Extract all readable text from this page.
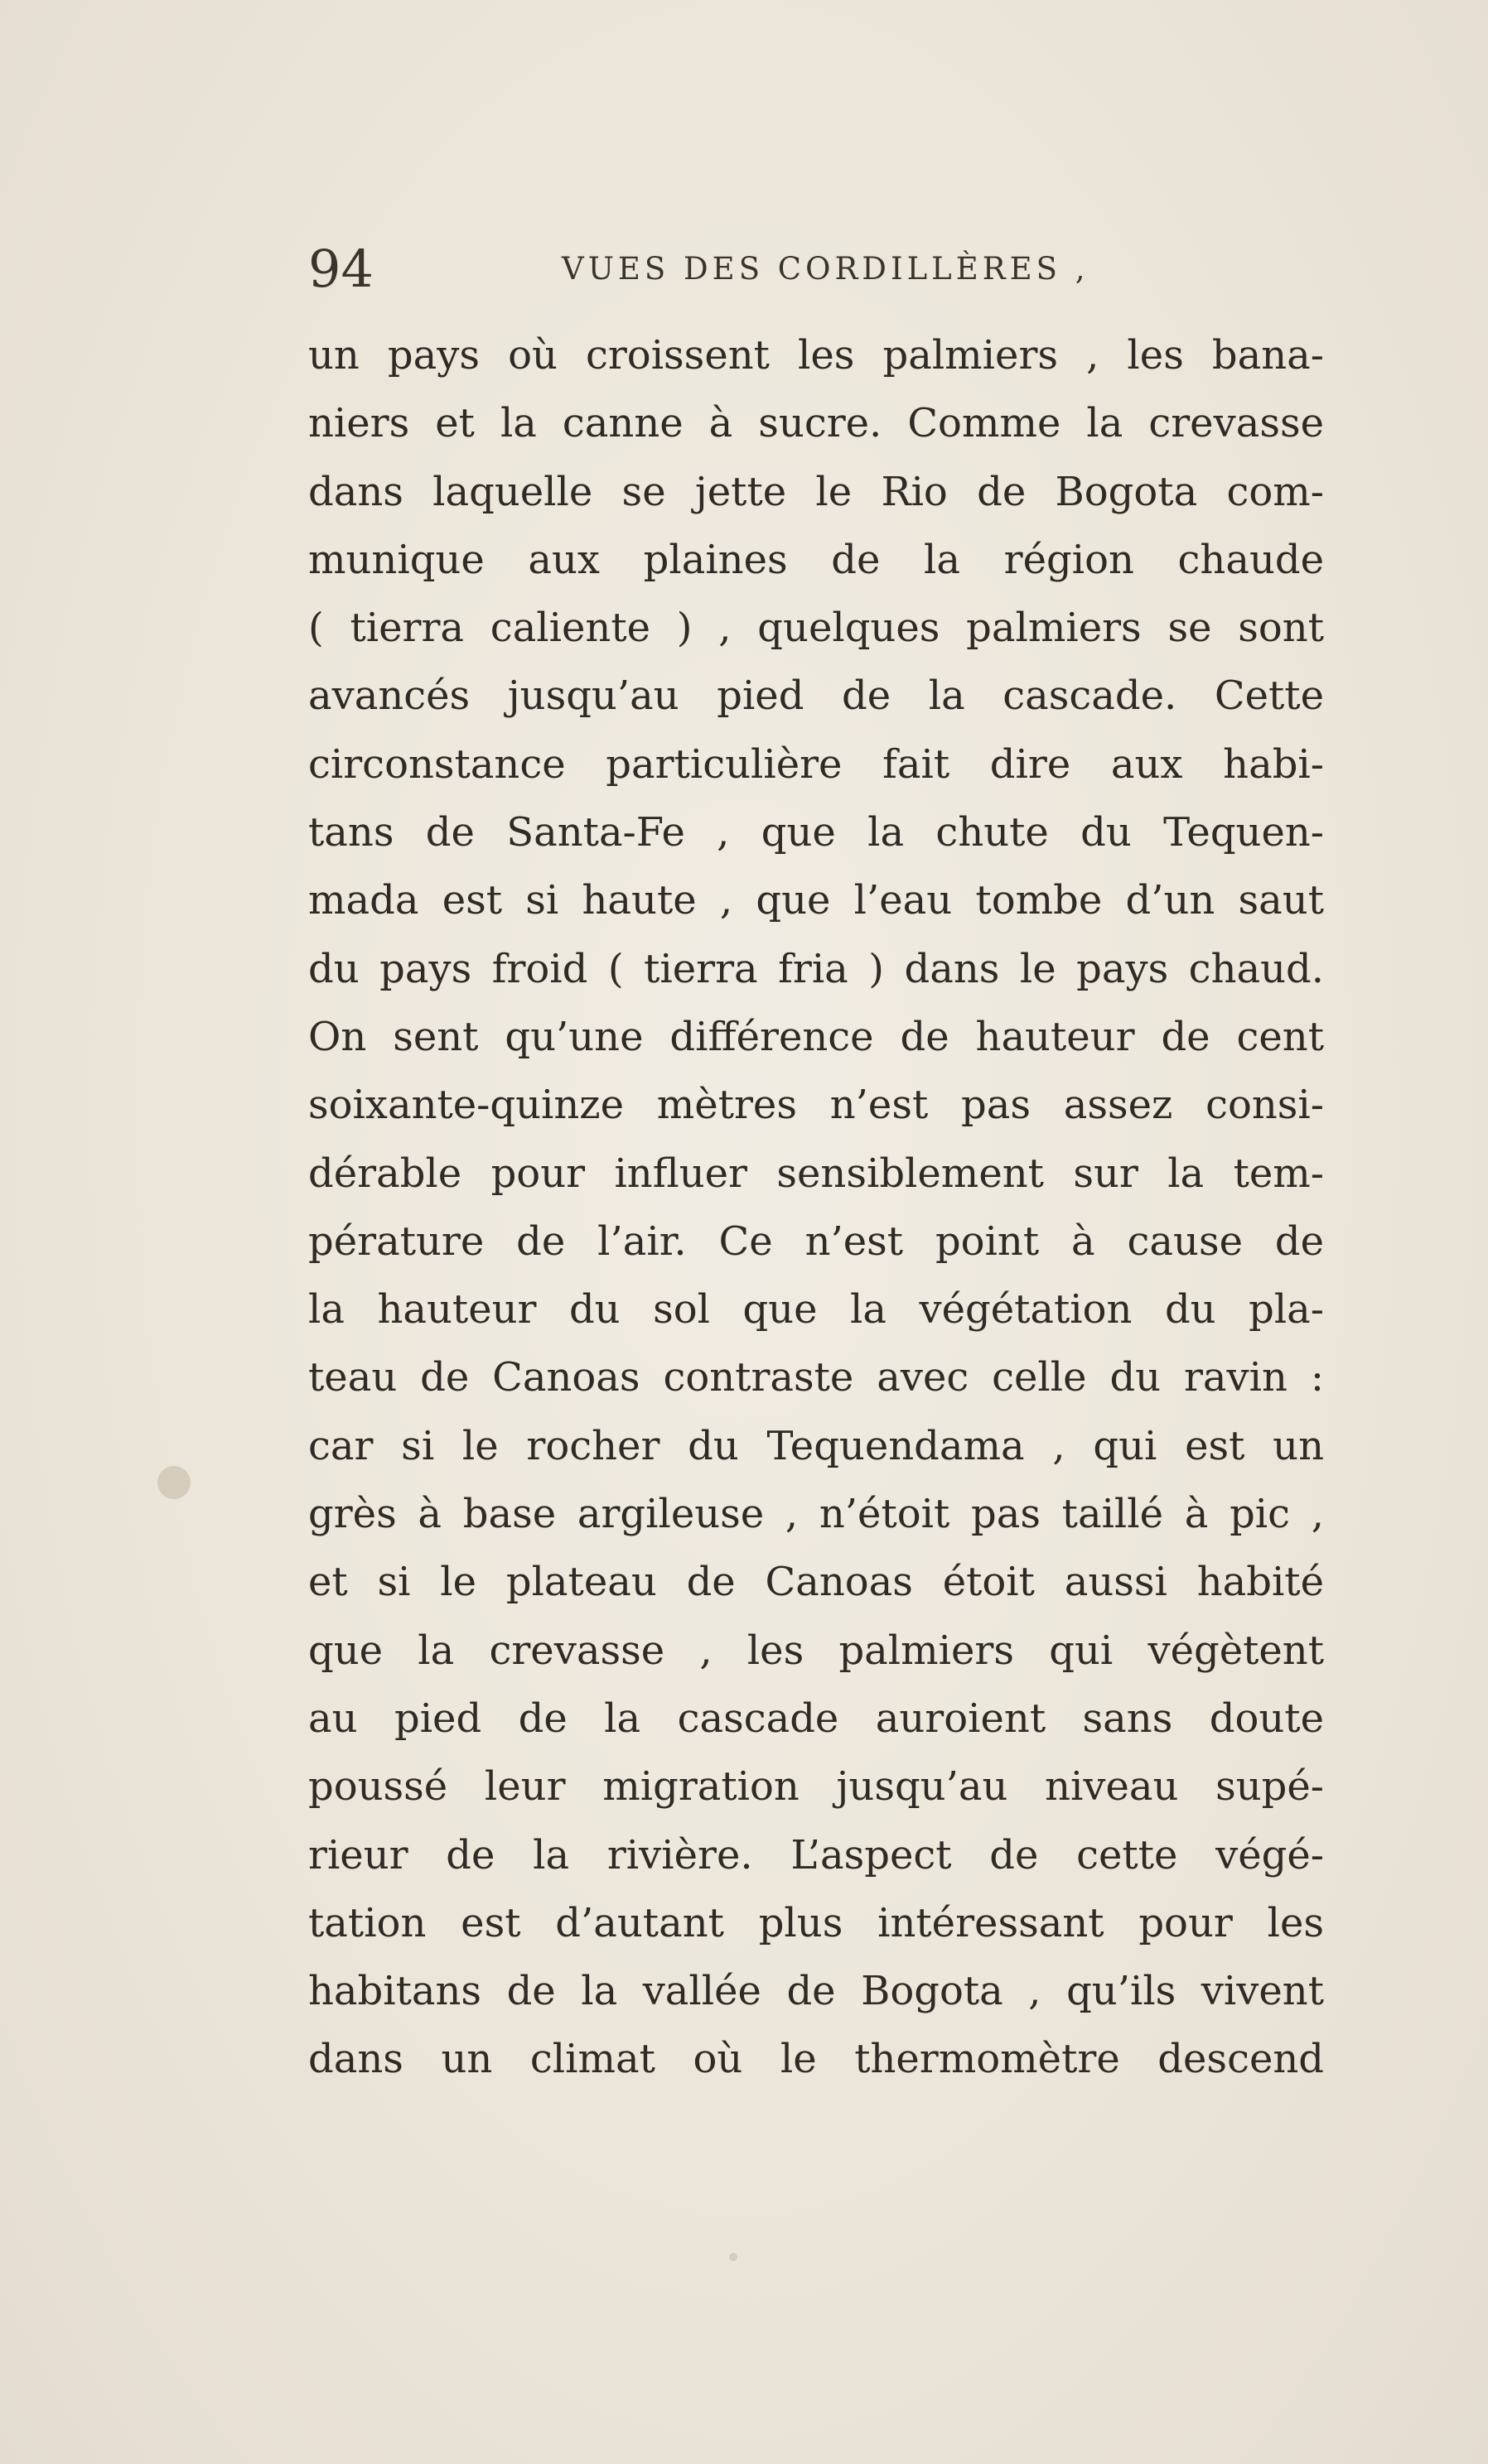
94	VUES DES CORDILLÈRES ,
un pays où croissent les palmiers , les bana-
niers et la canne à sucre. Comme la crevasse
dans laquelle se jette le Rio de Bogota com-
munique aux plaines de la région chaude
( tierra caliente ) , quelques palmiers se sont
avancés jusqu’au pied de la cascade. Cette
circonstance particulière fait dire aux habi-
tans de Santa-Fe , que la chute du Tequen-
mada est si haute , que l’eau tombe d’un saut
du pays froid ( tierra fria ) dans le pays chaud.
On sent qu’une différence de hauteur de cent
soixante-quinze mètres n’est pas assez consi-
dérable pour influer sensiblement sur la tem-
pérature de l’air. Ce n’est point à cause de
la hauteur du sol que la végétation du pla-
teau de Canoas contraste avec celle du ravin :
car si le rocher du Tequendama , qui est un
grès à base argileuse , n’étoit pas taillé à pic ,
et si le plateau de Canoas étoit aussi habité
que la crevasse , les palmiers qui végètent
au pied de la cascade auroient sans doute
poussé leur migration jusqu’au niveau supé-
rieur de la rivière. L’aspect de cette végé-
tation est d’autant plus intéressant pour les
habitans de la vallée de Bogota , qu’ils vivent
dans un climat où le thermomètre descend
